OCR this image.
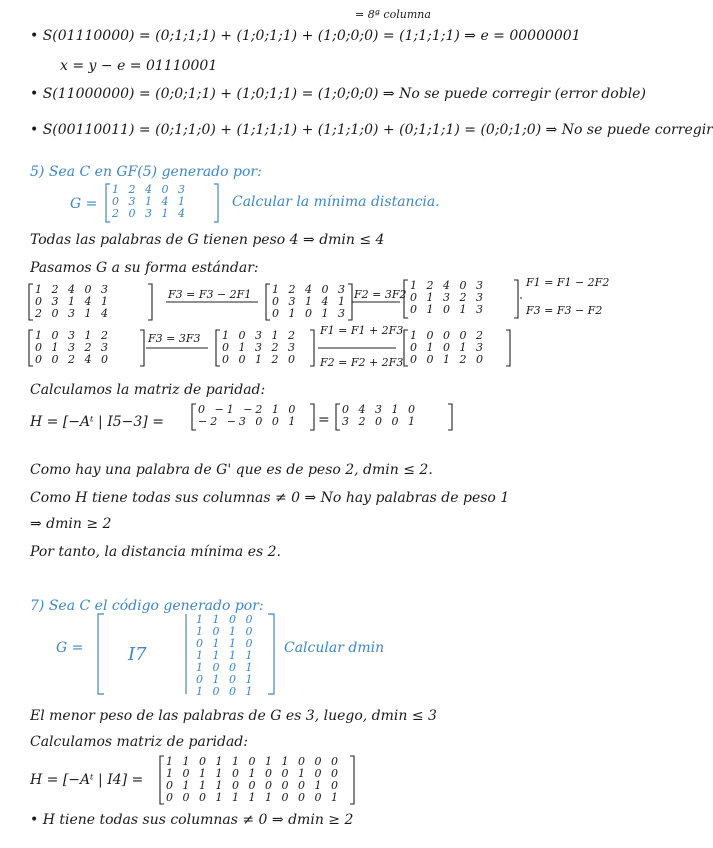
• S(01110000) = (0;1;1;1) + (1;0;1;1) + (1;0;0;0) = (1;1;1;1) ⇒ e = 00000001
= 8ª columna
x = y − e = 01110001
• S(11000000) = (0;0;1;1) + (1;0;1;1) = (1;0;0;0) ⇒ No se puede corregir (error doble)
• S(00110011) = (0;1;1;0) + (1;1;1;1) + (1;1;1;0) + (0;1;1;1) = (0;0;1;0) ⇒ No se puede corregir
5) Sea C en GF(5) generado por:
G =
1 2 4 0 3
0 3 1 4 1
2 0 3 1 4
Calcular la mínima distancia.
Todas las palabras de G tienen peso 4 ⇒ dmin ≤ 4
Pasamos G a su forma estándar:
1 2 4 0 3
0 3 1 4 1
2 0 3 1 4
F3 = F3 − 2F1 1 2 4 0 3
0 3 1 4 1
0 1 0 1 3
F2 = 3F2
1 2 4 0 3
0 1 3 2 3
0 1 0 1 3
F1 = F1 − 2F2
F3 = F3 − F2
1 0 3 1 2
0 1 3 2 3
0 0 2 4 0
F3 = 3F3 1 0 3 1 2
0 1 3 2 3
0 0 1 2 0
F1 = F1 + 2F3
F2 = F2 + 2F3
1 0 0 0 2
0 1 0 1 3
0 0 1 2 0
Calculamos la matriz de paridad:
H = [−Aᵗ | I5−3] =
0 −1 −2 1 0
−2 −3 0 0 1 =
0 4 3 1 0
3 2 0 0 1
Como hay una palabra de G' que es de peso 2, dmin ≤ 2.
Como H tiene todas sus columnas ≠ 0 ⇒ No hay palabras de peso 1
⇒ dmin ≥ 2
Por tanto, la distancia mínima es 2.
7) Sea C el código generado por:
G = I7
1 1 0 0
1 0 1 0
0 1 1 0
1 1 1 1
1 0 0 1
0 1 0 1
1 0 0 1
Calcular dmin
El menor peso de las palabras de G es 3, luego, dmin ≤ 3
Calculamos matriz de paridad:
H = [−Aᵗ | I4] =
1 1 0 1 1 0 1 1 0 0 0
1 0 1 1 0 1 0 0 1 0 0
0 1 1 1 0 0 0 0 0 1 0
0 0 0 1 1 1 1 0 0 0 1
• H tiene todas sus columnas ≠ 0 ⇒ dmin ≥ 2
